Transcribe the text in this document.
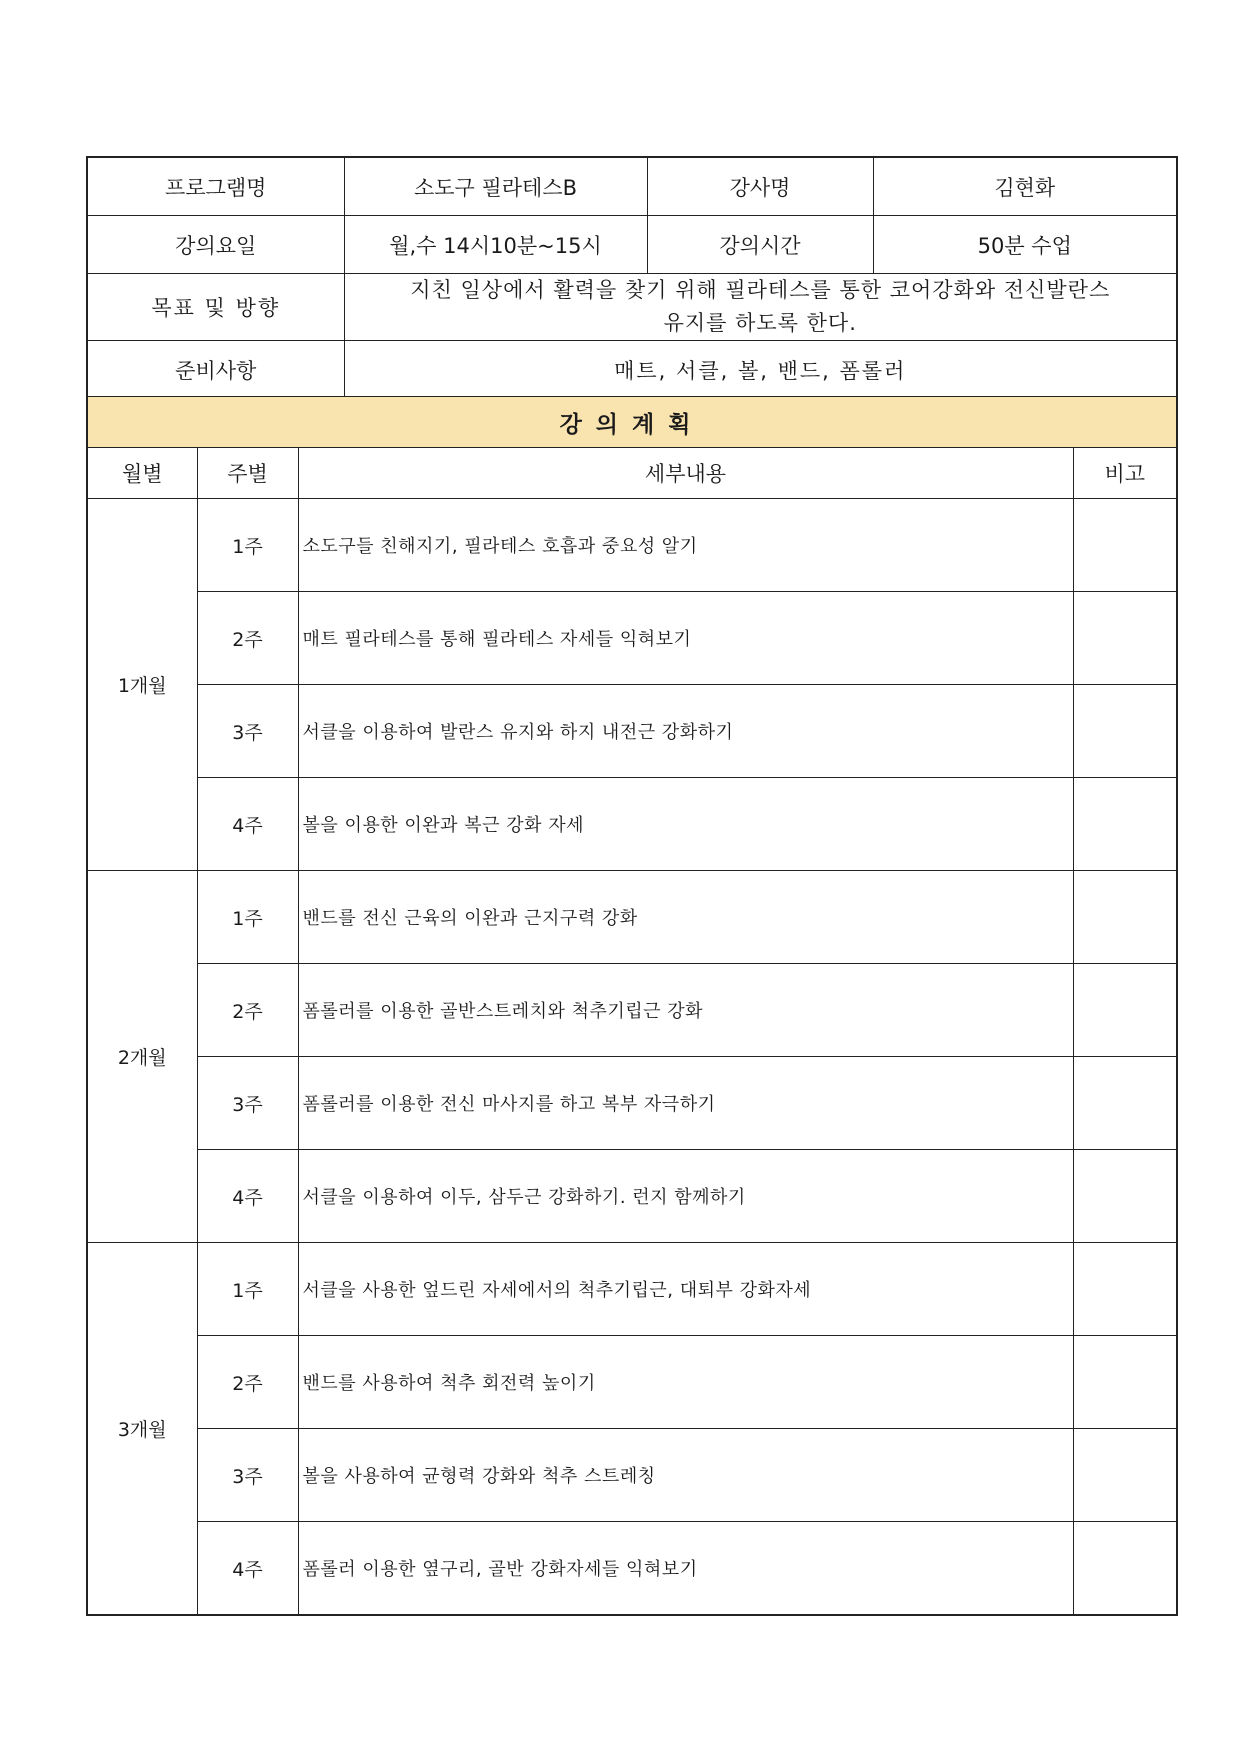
프로그램명	소도구 필라테스B	강사명	김현화
강의요일	월,수 14시10분~15시	강의시간	50분 수업
목표 및 방향	지친 일상에서 활력을 찾기 위해 필라테스를 통한 코어강화와 전신발란스
유지를 하도록 한다.		

준비사항	매트, 서클, 볼, 밴드, 폼롤러		
강의계획			
월별	주별	세부내용	비고
1개월	1주	소도구들 친해지기, 필라테스 호흡과 중요성 알기	
	2주	매트 필라테스를 통해 필라테스 자세들 익혀보기	
	3주	서클을 이용하여 발란스 유지와 하지 내전근 강화하기	
	4주	볼을 이용한 이완과 복근 강화 자세	
2개월	1주	밴드를 전신 근육의 이완과 근지구력 강화	
	2주	폼롤러를 이용한 골반스트레치와 척추기립근 강화	
	3주	폼롤러를 이용한 전신 마사지를 하고 복부 자극하기	
	4주	서클을 이용하여 이두, 삼두근 강화하기. 런지 함께하기	
3개월	1주	서클을 사용한 엎드린 자세에서의 척추기립근, 대퇴부 강화자세	
	2주	밴드를 사용하여 척추 회전력 높이기	
	3주	볼을 사용하여 균형력 강화와 척추 스트레칭	
	4주	폼롤러 이용한 옆구리, 골반 강화자세들 익혀보기	
